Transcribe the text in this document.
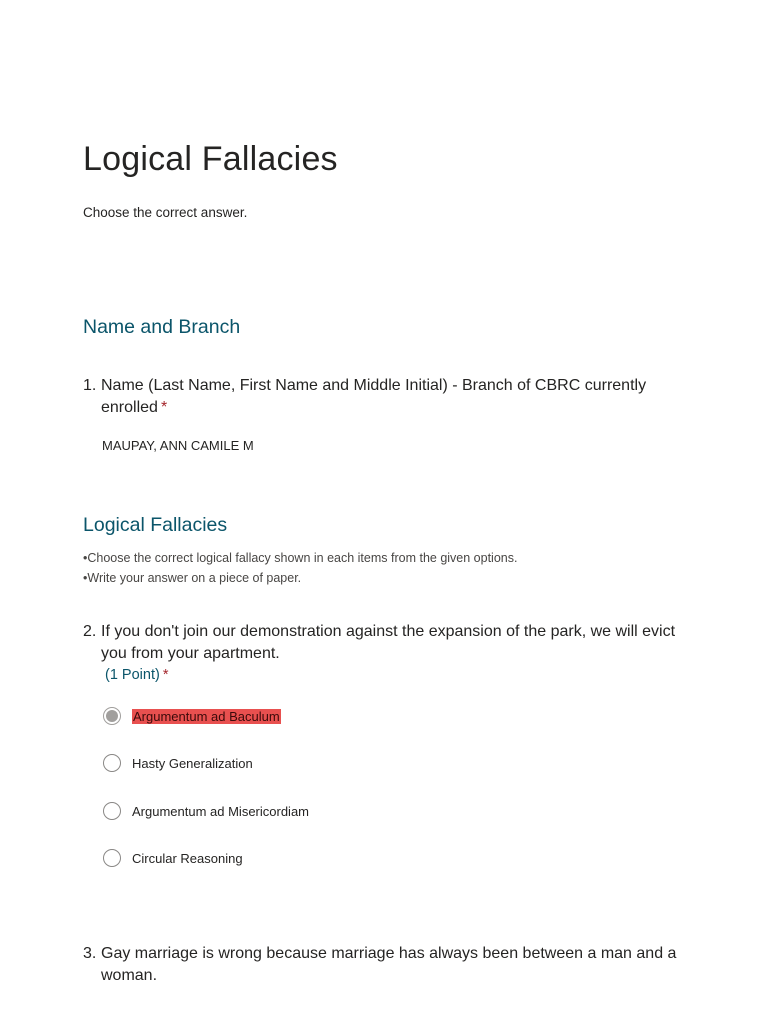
Logical Fallacies

Choose the correct answer.

Name and Branch
1. Name (Last Name, First Name and Middle Initial) - Branch of CBRC currently enrolled *
MAUPAY, ANN CAMILE M
Logical Fallacies
•Choose the correct logical fallacy shown in each items from the given options.
•Write your answer on a piece of paper.
2. If you don't join our demonstration against the expansion of the park, we will evict you from your apartment.
(1 Point) *
Argumentum ad Baculum
Hasty Generalization
Argumentum ad Misericordiam
Circular Reasoning
3. Gay marriage is wrong because marriage has always been between a man and a woman.
